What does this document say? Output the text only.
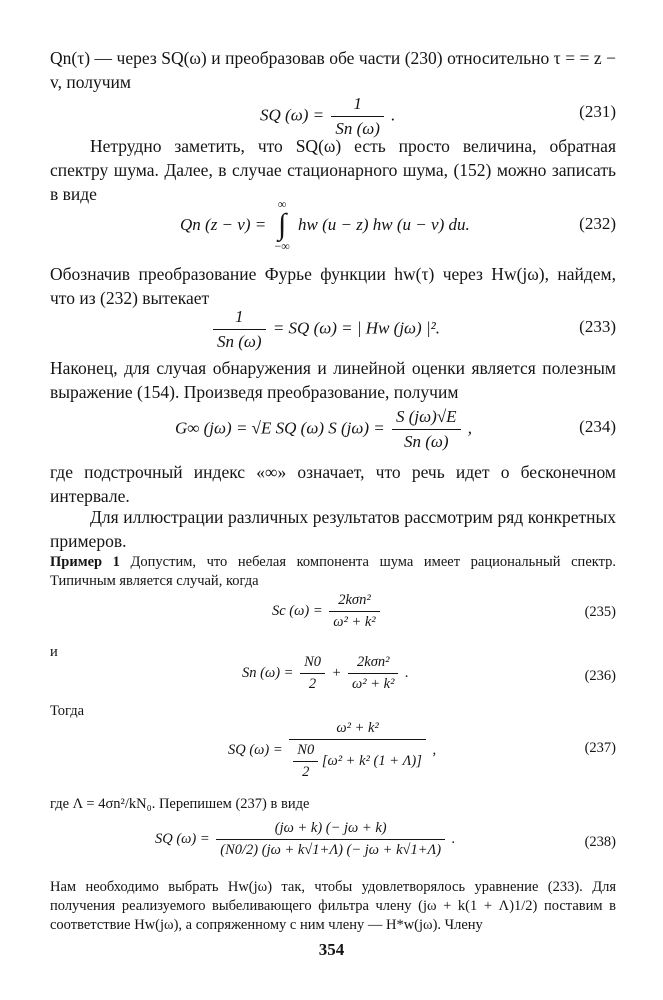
Qn(τ) — через SQ(ω) и преобразовав обе части (230) относительно τ = = z − v, получим

SQ $(\omega) = \frac{1}{Sn (\omega)}$ .	(231)

Нетрудно заметить, что SQ(ω) есть просто величина, обратная спектру шума. Далее, в случае стационарного шума, (152) можно записать в виде

Qn (z − v) =
∞
∫
−∞
hw (u − z) hw (u − v) du.	(232)

Обозначив преобразование Фурье функции hw(τ) через Hw(jω), найдем, что из (232) вытекает

$\frac{1}{Sn (\omega)}$ = SQ (ω) = | Hw (jω) |².	(233)

Наконец, для случая обнаружения и линейной оценки является полезным выражение (154). Произведя преобразование, получим

G∞ (jω) = √E SQ (ω) S $(j\omega) = \frac{S (j\omega)√E}{Sn (\omega)}$ ,	(234)

где подстрочный индекс «∞» означает, что речь идет о бесконечном интервале.

Для иллюстрации различных результатов рассмотрим ряд конкретных примеров.

Пример 1 Допустим, что небелая компонента шума имеет рациональный спектр. Типичным является случай, когда

Sc (ω) =
2kσn²
ω² + k²
(235)

и

Sn $(\omega) = \frac{N0}{2}$ +
2kσn²
ω² + k²
.	(236)

Тогда

SQ $(\omega) = \frac{\text{ω² + k²}}{\frac{N0}{2} [\omega^2 + k^2 (1 + \Lambda)]}$ ,	(237)

где Λ = 4σn²/kN₀. Перепишем (237) в виде

SQ $(\omega) = \frac{(j\omega + k) (- j\omega + k)}{(N0/2) (j\omega + k√1+\Lambda) (- j\omega + k√1+\Lambda)}$ .	(238)

Нам необходимо выбрать Hw(jω) так, чтобы удовлетворялось уравнение (233). Для получения реализуемого выбеливающего фильтра члену (jω + k(1 + Λ)1/2) поставим в соответствие Hw(jω), а сопряженному с ним члену — H*w(jω). Члену

354
